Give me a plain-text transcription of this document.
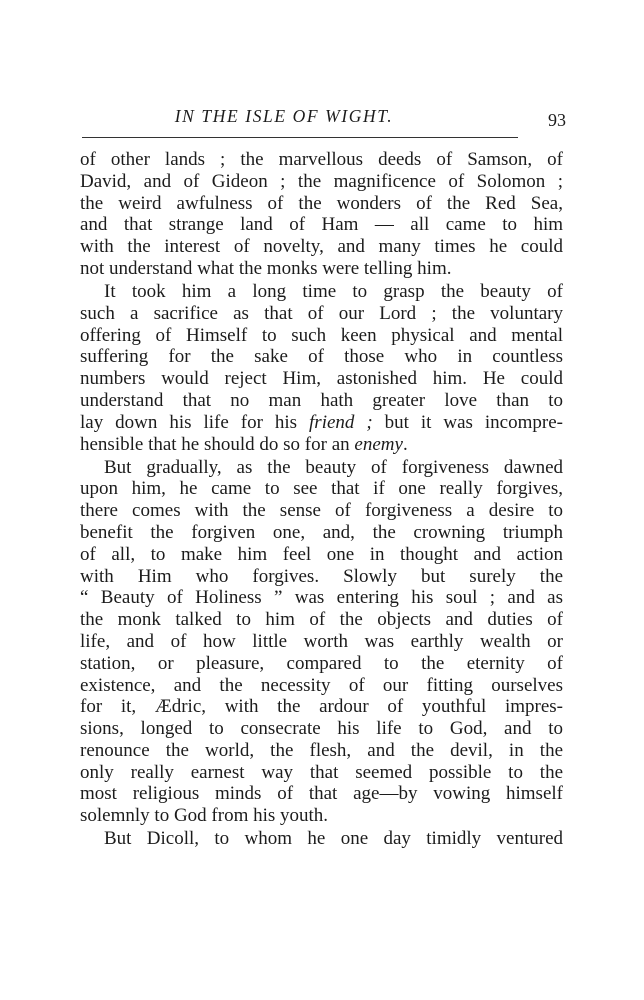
IN THE ISLE OF WIGHT.	93
of other lands ; the marvellous deeds of Samson, of
David, and of Gideon ; the magnificence of Solomon ;
the weird awfulness of the wonders of the Red Sea,
and that strange land of Ham — all came to him
with the interest of novelty, and many times he could
not understand what the monks were telling him.
It took him a long time to grasp the beauty of
such a sacrifice as that of our Lord ; the voluntary
offering of Himself to such keen physical and mental
suffering for the sake of those who in countless
numbers would reject Him, astonished him. He could
understand that no man hath greater love than to
lay down his life for his friend ; but it was incompre-
hensible that he should do so for an enemy.
But gradually, as the beauty of forgiveness dawned
upon him, he came to see that if one really forgives,
there comes with the sense of forgiveness a desire to
benefit the forgiven one, and, the crowning triumph
of all, to make him feel one in thought and action
with Him who forgives. Slowly but surely the
“ Beauty of Holiness ” was entering his soul ; and as
the monk talked to him of the objects and duties of
life, and of how little worth was earthly wealth or
station, or pleasure, compared to the eternity of
existence, and the necessity of our fitting ourselves
for it, Ædric, with the ardour of youthful impres-
sions, longed to consecrate his life to God, and to
renounce the world, the flesh, and the devil, in the
only really earnest way that seemed possible to the
most religious minds of that age—by vowing himself
solemnly to God from his youth.
But Dicoll, to whom he one day timidly ventured
